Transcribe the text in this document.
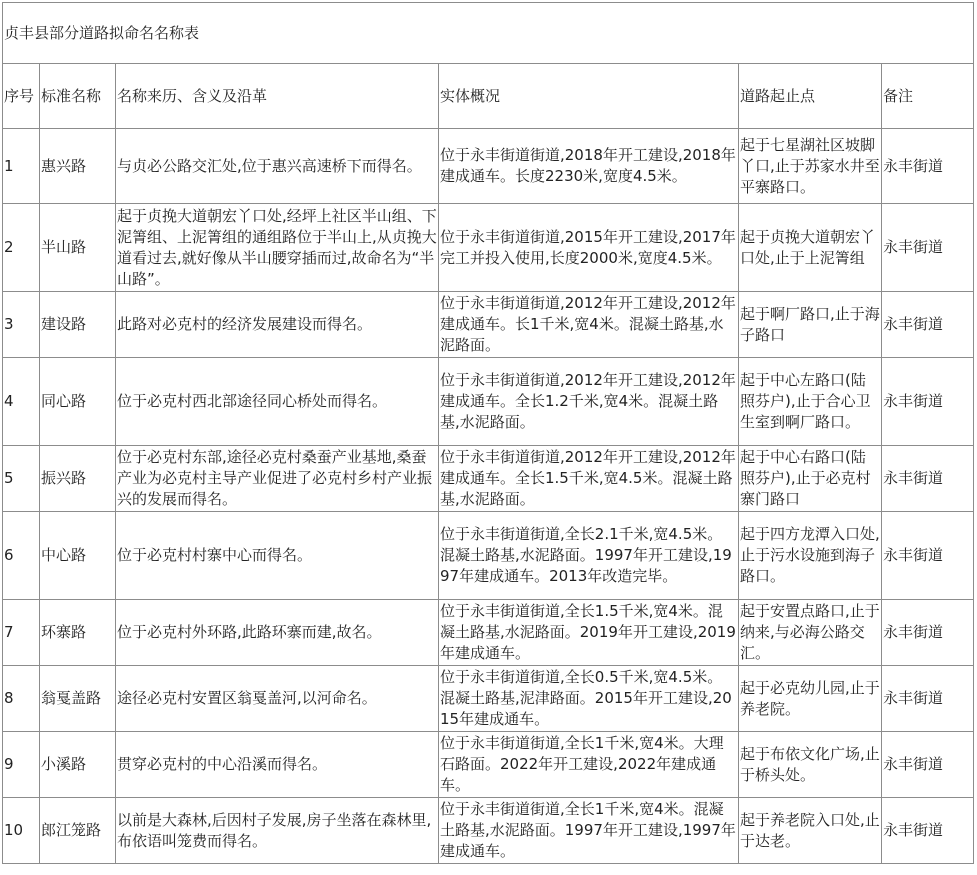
贞丰县部分道路拟命名名称表					
序号	标准名称	名称来历、含义及沿革	实体概况	道路起止点	备注
1	惠兴路	与贞必公路交汇处,位于惠兴高速桥下而得名。	位于永丰街道街道,2018年开工建设,2018年建成通车。长度2230米,宽度4.5米。	起于七星湖社区坡脚丫口,止于苏家水井至平寨路口。	永丰街道
2	半山路	起于贞挽大道朝宏丫口处,经坪上社区半山组、下泥箐组、上泥箐组的通组路位于半山上,从贞挽大道看过去,就好像从半山腰穿插而过,故命名为“半山路”。	位于永丰街道街道,2015年开工建设,2017年完工并投入使用,长度2000米,宽度4.5米。	起于贞挽大道朝宏丫口处,止于上泥箐组	永丰街道
3	建设路	此路对必克村的经济发展建设而得名。	位于永丰街道街道,2012年开工建设,2012年建成通车。长1千米,宽4米。混凝土路基,水泥路面。	起于啊厂路口,止于海子路口	永丰街道
4	同心路	位于必克村西北部途径同心桥处而得名。	位于永丰街道街道,2012年开工建设,2012年建成通车。全长1.2千米,宽4米。混凝土路基,水泥路面。	起于中心左路口(陆照芬户),止于合心卫生室到啊厂路口。	永丰街道
5	振兴路	位于必克村东部,途径必克村桑蚕产业基地,桑蚕产业为必克村主导产业促进了必克村乡村产业振兴的发展而得名。	位于永丰街道街道,2012年开工建设,2012年建成通车。全长1.5千米,宽4.5米。混凝土路基,水泥路面。	起于中心右路口(陆照芬户),止于必克村寨门路口	永丰街道
6	中心路	位于必克村村寨中心而得名。	位于永丰街道街道,全长2.1千米,宽4.5米。混凝土路基,水泥路面。1997年开工建设,1997年建成通车。2013年改造完毕。	起于四方龙潭入口处,止于污水设施到海子路口。	永丰街道
7	环寨路	位于必克村外环路,此路环寨而建,故名。	位于永丰街道街道,全长1.5千米,宽4米。混凝土路基,水泥路面。2019年开工建设,2019年建成通车。	起于安置点路口,止于纳来,与必海公路交汇。	永丰街道
8	翁戛盖路	途径必克村安置区翁戛盖河,以河命名。	位于永丰街道街道,全长0.5千米,宽4.5米。混凝土路基,泥津路面。2015年开工建设,2015年建成通车。	起于必克幼儿园,止于养老院。	永丰街道
9	小溪路	贯穿必克村的中心沿溪而得名。	位于永丰街道街道,全长1千米,宽4米。大理石路面。2022年开工建设,2022年建成通车。	起于布依文化广场,止于桥头处。	永丰街道
10	郎江笼路	以前是大森林,后因村子发展,房子坐落在森林里,布依语叫笼费而得名。	位于永丰街道街道,全长1千米,宽4米。混凝土路基,水泥路面。1997年开工建设,1997年建成通车。	起于养老院入口处,止于达老。	永丰街道
